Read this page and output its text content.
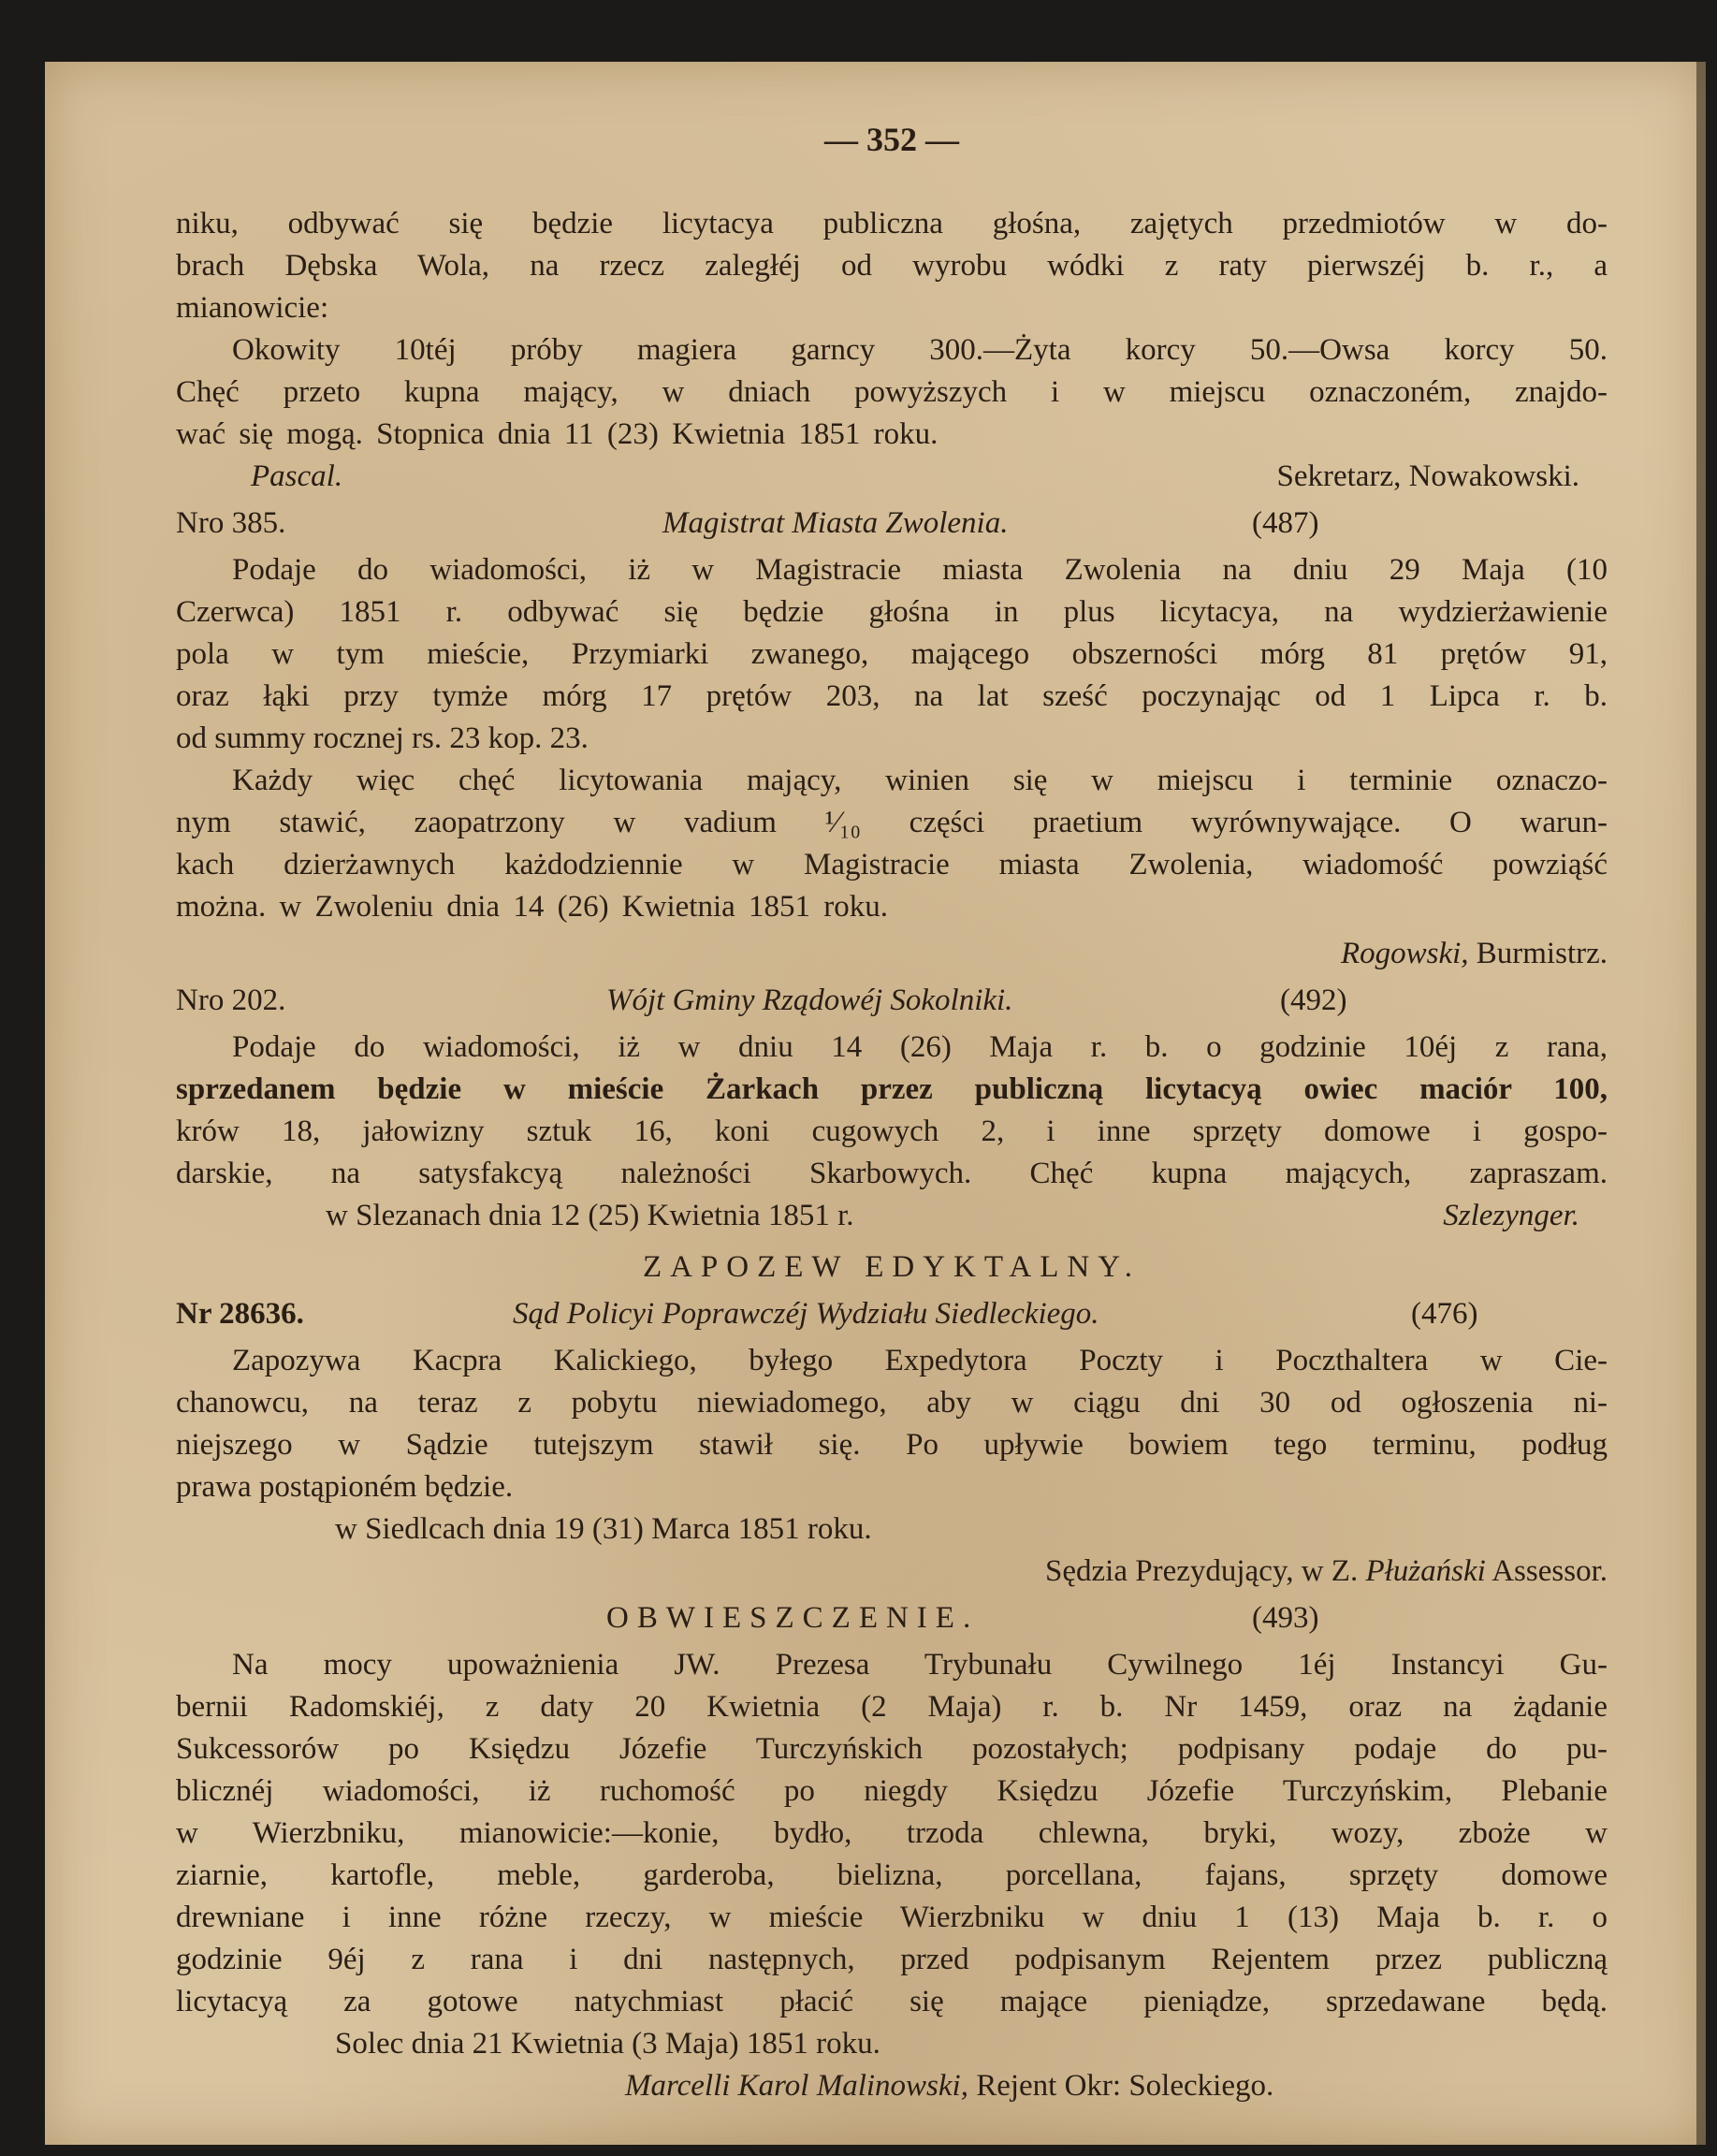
— 352 —
niku, odbywać się będzie licytacya publiczna głośna, zajętych przedmiotów w do-
brach Dębska Wola, na rzecz zaległéj od wyrobu wódki z raty pierwszéj b. r., a
mianowicie:
Okowity 10téj próby magiera garncy 300.—Żyta korcy 50.—Owsa korcy 50.
Chęć przeto kupna mający, w dniach powyższych i w miejscu oznaczoném, znajdo-
wać się mogą. Stopnica dnia 11 (23) Kwietnia 1851 roku.
Pascal.	Sekretarz, Nowakowski.
Nro 385.	Magistrat Miasta Zwolenia.	(487)
Podaje do wiadomości, iż w Magistracie miasta Zwolenia na dniu 29 Maja (10
Czerwca) 1851 r. odbywać się będzie głośna in plus licytacya, na wydzierżawienie
pola w tym mieście, Przymiarki zwanego, mającego obszerności mórg 81 prętów 91,
oraz łąki przy tymże mórg 17 prętów 203, na lat sześć poczynając od 1 Lipca r. b.
od summy rocznej rs. 23 kop. 23.
Każdy więc chęć licytowania mający, winien się w miejscu i terminie oznaczo-
nym stawić, zaopatrzony w vadium ¹⁄₁₀ części praetium wyrównywające. O warun-
kach dzierżawnych każdodziennie w Magistracie miasta Zwolenia, wiadomość powziąść
można. w Zwoleniu dnia 14 (26) Kwietnia 1851 roku.
Rogowski, Burmistrz.
Nro 202.	Wójt Gminy Rządowéj Sokolniki.	(492)
Podaje do wiadomości, iż w dniu 14 (26) Maja r. b. o godzinie 10éj z rana,
sprzedanem będzie w mieście Żarkach przez publiczną licytacyą owiec maciór 100,
krów 18, jałowizny sztuk 16, koni cugowych 2, i inne sprzęty domowe i gospo-
darskie, na satysfakcyą należności Skarbowych. Chęć kupna mających, zapraszam.
w Slezanach dnia 12 (25) Kwietnia 1851 r.	Szlezynger.
ZAPOZEW EDYKTALNY.
Nr 28636.	Sąd Policyi Poprawczéj Wydziału Siedleckiego.	(476)
Zapozywa Kacpra Kalickiego, byłego Expedytora Poczty i Poczthaltera w Cie-
chanowcu, na teraz z pobytu niewiadomego, aby w ciągu dni 30 od ogłoszenia ni-
niejszego w Sądzie tutejszym stawił się. Po upływie bowiem tego terminu, podług
prawa postąpioném będzie.
w Siedlcach dnia 19 (31) Marca 1851 roku.
Sędzia Prezydujący, w Z. Płużański Assessor.
OBWIESZCZENIE.	(493)
Na mocy upoważnienia JW. Prezesa Trybunału Cywilnego 1éj Instancyi Gu-
bernii Radomskiéj, z daty 20 Kwietnia (2 Maja) r. b. Nr 1459, oraz na żądanie
Sukcessorów po Księdzu Józefie Turczyńskich pozostałych; podpisany podaje do pu-
blicznéj wiadomości, iż ruchomość po niegdy Księdzu Józefie Turczyńskim, Plebanie
w Wierzbniku, mianowicie:—konie, bydło, trzoda chlewna, bryki, wozy, zboże w
ziarnie, kartofle, meble, garderoba, bielizna, porcellana, fajans, sprzęty domowe
drewniane i inne różne rzeczy, w mieście Wierzbniku w dniu 1 (13) Maja b. r. o
godzinie 9éj z rana i dni następnych, przed podpisanym Rejentem przez publiczną
licytacyą za gotowe natychmiast płacić się mające pieniądze, sprzedawane będą.
Solec dnia 21 Kwietnia (3 Maja) 1851 roku.
Marcelli Karol Malinowski, Rejent Okr: Soleckiego.
